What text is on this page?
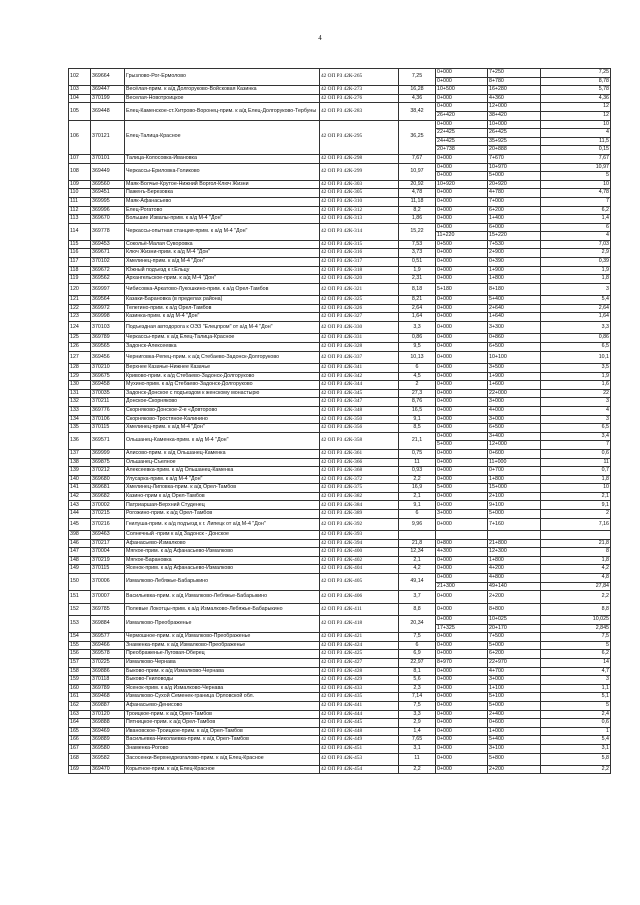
4
102	369664	Грызлово-Рог-Ермолово	42 ОП РЗ 42К-265	7,25	0+000	7+250	7,25
					0+000	8+780	8,78
103	369447	Весёлая-прим. к а/д Долгоруково-Войсковая Казинка	42 ОП РЗ 42К-273	16,28	10+500	16+280	5,78
104	370199	Веселая-Новотроицкое	42 ОП РЗ 42К-276	4,36	0+000	4+360	4,36
105	369448	Елец-Каменское-ст.Хитрово-Воронец-прим. к а/д Елец-Долгоруково-Тербуны	42 ОП РЗ 42К-283	38,42	0+000	12+000	12
					26+420	38+420	12
106	370121	Елец-Талица-Красное	42 ОП РЗ 42К-295	36,25	0+000	10+000	10
					22+425	26+425	4
					24+425	35+925	11,5
					20+738	20+888	0,15
107	370101	Талица-Колосовка-Ивановка	42 ОП РЗ 42К-298	7,67	0+000	7+670	7,67
108	369449	Черкассы-Ериловка-Голиково	42 ОП РЗ 42К-299	10,97	0+000	10+970	10,97
					0+000	5+000	5
109	369560	Маяк-Волчье-Крутое-Нижний Воргол-Ключ Жизни	42 ОП РЗ 42К-303	20,92	10+920	20+920	10
110	369451	Паженъ-Березовка	42 ОП РЗ 42К-305	4,78	0+000	4+780	4,78
111	369995	Маяк-Афанасьево	42 ОП РЗ 42К-310	11,18	0+000	7+000	7
112	369996	Елец-Рогатово	42 ОП РЗ 42К-312	8,2	0+000	6+200	6,2
113	369670	Большие Извалы-прим. к а/д М-4 "Дон"	42 ОП РЗ 42К-313	1,86	0+000	1+400	1,4
114	369778	Черкассы-опытная станция-прим. к а/д М-4 "Дон"	42 ОП РЗ 42К-314	15,22	0+000	6+000	6
					11+220	15+220	4
115	369453	Сокольё-Малая Суворовка	42 ОП РЗ 42К-315	7,53	0+500	7+530	7,03
116	369671	Ключ Жизни-прим. к а/д М-4 "Дон"	42 ОП РЗ 42К-316	3,73	0+000	2+900	2,9
117	370102	Хмелинец-прим. к а/д М-4 "Дон"	42 ОП РЗ 42К-317	0,51	0+000	0+390	0,39
118	369672	Южный подъезд к г.Ельцу	42 ОП РЗ 42К-318	1,9	0+000	1+900	1,9
119	369562	Архангельское-прим. к а/д М-4 "Дон"	42 ОП РЗ 42К-320	2,31	0+000	1+800	1,8
120	369997	Чибисовка-Аркатово-Лукошкино-прим. к а/д Орел-Тамбов	42 ОП РЗ 42К-321	8,18	5+180	8+180	3
121	369564	Казаки-Барановка (в пределах района)	42 ОП РЗ 42К-325	8,21	0+000	5+400	5,4
122	369972	Телегино-прим. к а/д Орел-Тамбов	42 ОП РЗ 42К-326	2,64	0+000	2+640	2,64
123	369998	Казинка-прим. к а/д М-4 "Дон"	42 ОП РЗ 42К-327	1,64	0+000	1+640	1,64
124	370103	Подъездная автодорога к ОЭЗ "Елецпром" от а/д М-4 "Дон"	42 ОП РЗ 42К-330	3,3	0+000	3+300	3,3
125	369789	Черкассы-прим. к а/д Елец-Талица-Красное	42 ОП РЗ 42К-331	0,86	0+000	0+860	0,86
126	369565	Задонск-Алексеевка	42 ОП РЗ 42К-328	9,5	0+000	6+500	6,5
127	369456	Черниговка-Репец-прим. к а/д Стебаево-Задонск-Долгоруково	42 ОП РЗ 42К-337	10,13	0+000	10+100	10,1
128	370210	Верхнее Казачье-Нижнее Казачье	42 ОП РЗ 42К-341	6	0+000	3+500	3,5
129	369675	Кривово-прим. к а/д Стебаево-Задонск-Долгоруково	42 ОП РЗ 42К-342	4,5	0+000	1+900	1,9
130	369458	Мухино-прим. к а/д Стебаево-Задонск-Долгоруково	42 ОП РЗ 42К-344	2	0+000	1+600	1,6
131	370035	Задонск-Донское с подъездом к женскому монастырю	42 ОП РЗ 42К-345	27,3	0+000	22+000	22
132	370211	Донское-Скорняково	42 ОП РЗ 42К-347	8,76	0+000	3+000	3
133	369776	Скорняково-Донское-2-е «Довторово	42 ОП РЗ 42К-348	16,5	0+000	4+000	4
134	370106	Скорняково-Тростяное-Калинино	42 ОП РЗ 42К-350	9,1	0+000	3+000	3
135	370115	Хмелинец-прим. к а/д М-4 "Дон"	42 ОП РЗ 42К-356	8,5	0+000	6+500	6,5
136	369571	Ольшанец-Каменка-прим. к а/д М-4 "Дон"	42 ОП РЗ 42К-358	21,1	0+000	3+400	3,4
					5+000	12+000	7
137	369999	Алисово-прим. к а/д Ольшанец-Каменка	42 ОП РЗ 42К-361	0,75	0+000	0+600	0,6
138	369875	Ольшанец-Съелное	42 ОП РЗ 42К-366	11	0+000	11+000	11
139	370212	Алексеевка-прим. к а/д Ольшанец-Каменка	42 ОП РЗ 42К-368	0,93	0+000	0+700	0,7
140	369680	Улусарка-прим. к а/д М-4 "Дон"	42 ОП РЗ 42К-372	2,2	0+000	1+800	1,8
141	369681	Хмелинец-Липовка-прим. к а/д Орел-Тамбов	42 ОП РЗ 42К-375	16,9	5+000	15+000	10
142	369682	Казино-прим к а/д Орел-Тамбов	42 ОП РЗ 42К-382	2,1	0+000	2+100	2,1
143	370002	Патриаршая-Верхний Студенец	42 ОП РЗ 42К-384	9,1	0+000	9+100	9,1
144	370215	Рогожино-прим. к а/д Орел-Тамбов	42 ОП РЗ 42К-389	6	3+000	5+000	2
145	370216	Гнилуша-прим. к а/д подъезд к г. Липецк от а/д М-4 "Дон"	42 ОП РЗ 42К-392	9,96	0+000	7+160	7,16
398	369463	Солнечный -прим к а/д Задонск - Донское	42 ОП РЗ 42К-393				
146	370217	Афанасьево-Измалково	42 ОП РЗ 42К-394	21,8	0+800	21+800	21,8
147	370004	Мягкое-прим. к а/д Афанасьево-Измалково	42 ОП РЗ 42К-400	12,34	4+300	12+300	8
148	370219	Мягкое-Барановка	42 ОП РЗ 42К-402	2,1	0+000	1+800	1,8
149	370115	Ясенок-прим. к а/д Афанасьево-Измалково	42 ОП РЗ 42К-404	4,2	0+000	4+200	4,2
150	370006	Измалково-Лебяжье-Бабарыкино	42 ОП РЗ 42К-405	49,14	0+000	4+800	4,8
					21+300	49+140	27,84
151	370007	Васильевка-прим. к а/д Измалково-Лебяжье-Бабарыкино	42 ОП РЗ 42К-406	3,7	0+000	2+200	2,2
152	369785	Полевые Локотцы-прим. к а/д Измалково-Лебяжье-Бабарыкино	42 ОП РЗ 42К-411	8,8	0+000	8+800	8,8
153	369884	Измалково-Преображенье	42 ОП РЗ 42К-418	20,34	0+000	10+025	10,025
					17+325	20+170	2,845
154	369577	Чермошное-прим. к а/д Измалково-Преображенье	42 ОП РЗ 42К-421	7,5	0+000	7+500	7,5
155	369466	Знаменка-прим. к а/д Измалково-Преображенье	42 ОП РЗ 42К-424	6	0+000	5+000	5
156	369578	Преображенье-Луговая-Оберец	42 ОП РЗ 42К-425	6,9	0+000	6+200	6,2
157	370225	Измалково-Чернава	42 ОП РЗ 42К-427	22,97	8+970	22+970	14
158	369886	Быково-прим. к а/д Измалково-Чернава	42 ОП РЗ 42К-428	8,1	0+000	4+700	4,7
159	370118	Быково-Гниловоды	42 ОП РЗ 42К-429	5,6	0+000	3+000	3
160	369789	Ясенок-прим. к а/д Измалково-Чернава	42 ОП РЗ 42К-433	2,3	0+000	1+100	1,1
161	369468	Измалково-Сухой Семенек-граница Орловской обл.	42 ОП РЗ 42К-435	7,14	0+000	5+100	5,1
162	369887	Афанасьево-Денисово	42 ОП РЗ 42К-441	7,5	0+000	5+000	5
163	370120	Троицкое-прим. к а/д Орел-Тамбов	42 ОП РЗ 42К-444	3,3	0+000	2+400	2,4
164	369888	Пятницкое-прим. к а/д Орел-Тамбов	42 ОП РЗ 42К-445	2,9	0+000	0+600	0,6
165	369469	Ивановское-Троицкое-прим. к а/д Орел-Тамбов	42 ОП РЗ 42К-448	1,4	0+000	1+000	1
166	369889	Васильевка-Николаевка-прим. к а/д Орел-Тамбов	42 ОП РЗ 42К-449	7,65	0+000	5+400	5,4
167	369580	Знаменка-Рогово	42 ОП РЗ 42К-451	3,1	0+000	3+100	3,1
168	369582	Засосенки-Верхнедрезгалово-прим. к а/д Елец-Красное	42 ОП РЗ 42К-453	11	0+000	5+800	5,8
169	369470	Корытное-прим. к а/д Елец-Красное	42 ОП РЗ 42К-454	2,2	0+000	2+200	2,2
